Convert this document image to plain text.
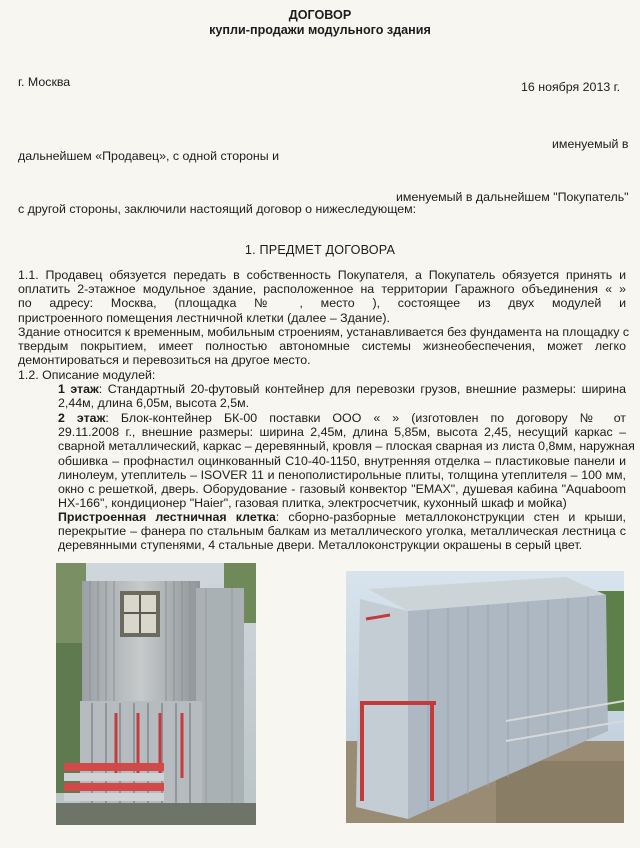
ДОГОВОР
купли-продажи модульного здания
г. Москва	16 ноября 2013 г.
именуемый в
дальнейшем «Продавец», с одной стороны и
именуемый в дальнейшем "Покупатель"
с другой стороны, заключили настоящий договор о нижеследующем:
1. ПРЕДМЕТ ДОГОВОРА
1.1. Продавец обязуется передать в собственность Покупателя, а Покупатель обязуется принять и
оплатить 2-этажное модульное здание, расположенное на территории Гаражного объединения « »
по адресу: Москва, (площадка № , место ), состоящее из двух модулей и
пристроенного помещения лестничной клетки (далее – Здание).
Здание относится к временным, мобильным строениям, устанавливается без фундамента на площадку с
твердым покрытием, имеет полностью автономные системы жизнеобеспечения, может легко
демонтироваться и перевозиться на другое место.
1.2. Описание модулей:
1 этаж: Стандартный 20-футовый контейнер для перевозки грузов, внешние размеры: ширина
2,44м, длина 6,05м, высота 2,5м.
2 этаж: Блок-контейнер БК-00 поставки ООО « » (изготовлен по договору № от
29.11.2008 г., внешние размеры: ширина 2,45м, длина 5,85м, высота 2,45, несущий каркас –
сварной металлический, каркас – деревянный, кровля – плоская сварная из листа 0,8мм, наружная
обшивка – профнастил оцинкованный С10-40-1150, внутренняя отделка – пластиковые панели и
линолеум, утеплитель – ISOVER 11 и пенополистирольные плиты, толщина утеплителя – 100 мм,
окно с решеткой, дверь. Оборудование - газовый конвектор "ЕМАХ", душевая кабина "Aquaboom
НХ-166", кондиционер "Haier", газовая плитка, электросчетчик, кухонный шкаф и мойка)
Пристроенная лестничная клетка: сборно-разборные металлоконструкции стен и крыши,
перекрытие – фанера по стальным балкам из металлического уголка, металлическая лестница с
деревянными ступенями, 4 стальные двери. Металлоконструкции окрашены в серый цвет.
